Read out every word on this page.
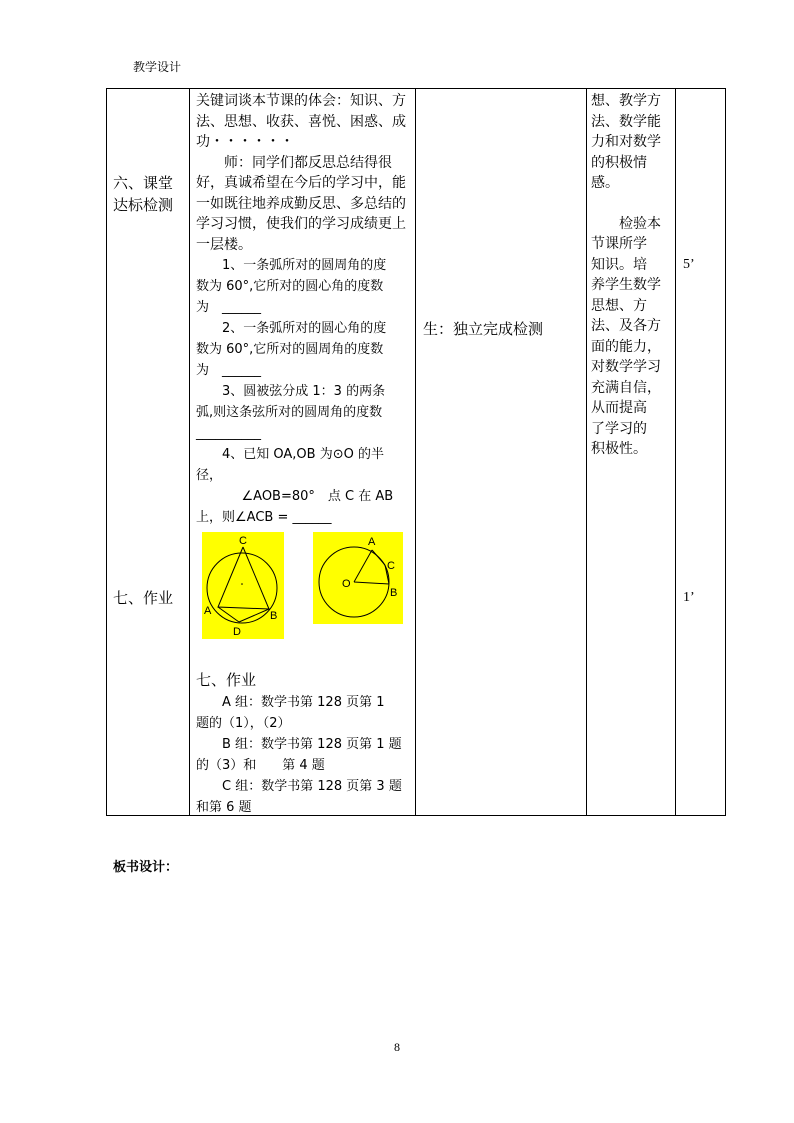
教学设计

六、课堂

达标检测

七、作业

关键词谈本节课的体会：知识、方

法、思想、收获、喜悦、困惑、成

功・・・・・・

师：同学们都反思总结得很

好，真诚希望在今后的学习中，能

一如既往地养成勤反思、多总结的

学习习惯，使我们的学习成绩更上

一层楼。

1、一条弧所对的圆周角的度

数为 60°,它所对的圆心角的度数

为　______

2、一条弧所对的圆心角的度

数为 60°,它所对的圆周角的度数

为　______

3、圆被弦分成 1：3 的两条

弧,则这条弦所对的圆周角的度数

__________

4、已知 OA,OB 为⊙O 的半

径，

∠AOB=80°　点 C 在 AB

上，则∠ACB = ______

C
A	B
D
A
C
O
B
七、作业

A 组：数学书第 128 页第 1

题的（1），（2）

B 组：数学书第 128 页第 1 题

的（3）和　　第 4 题

C 组：数学书第 128 页第 3 题

和第 6 题

生：独立完成检测

想、教学方

法、数学能

力和对数学

的积极情

感。

检验本

节课所学

知识。培

养学生数学

思想、方

法、及各方

面的能力，

对数学学习

充满自信，

从而提高

了学习的

积极性。

5’
1’
板书设计：
8
